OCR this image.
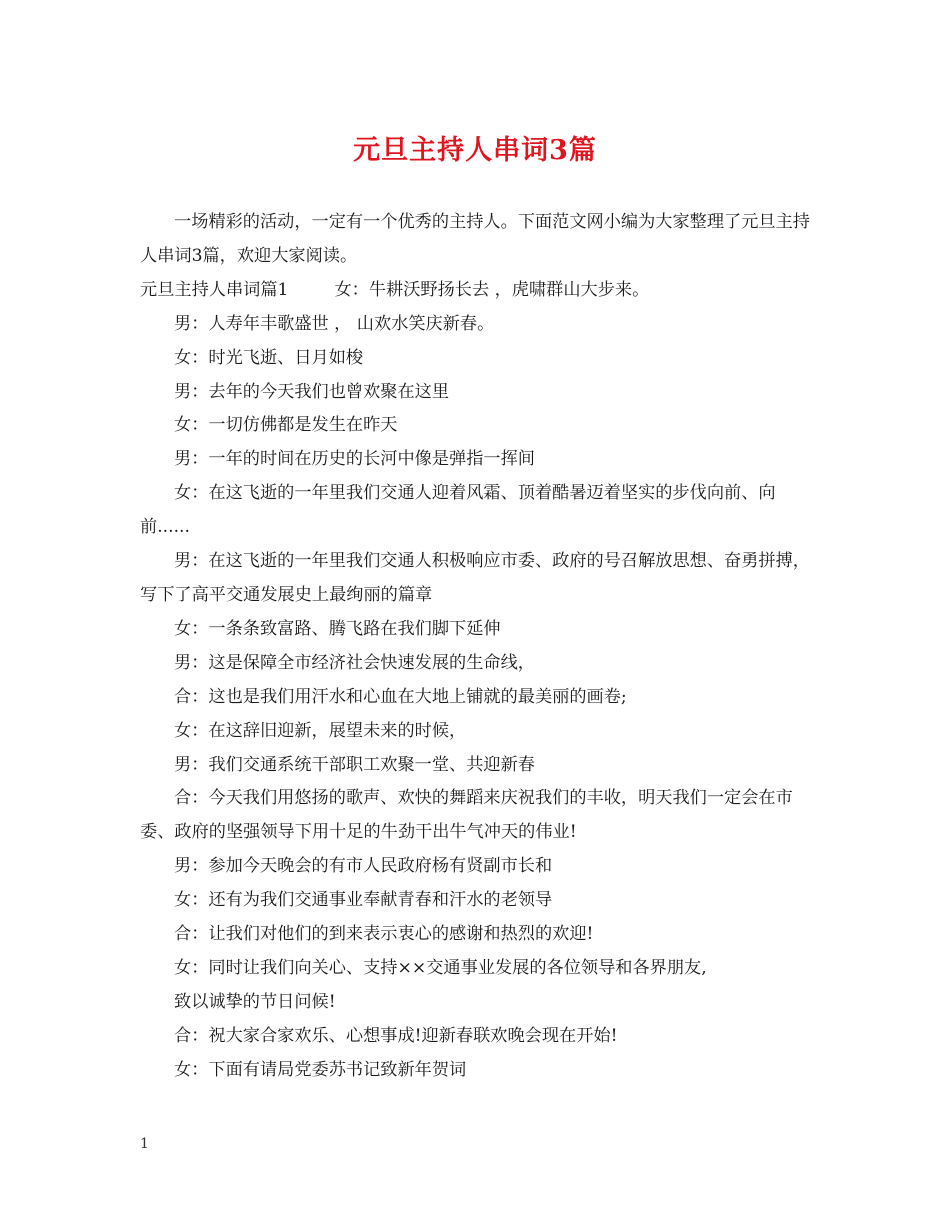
元旦主持人串词3篇

一场精彩的活动，一定有一个优秀的主持人。下面范文网小编为大家整理了元旦主持人串词3篇，欢迎大家阅读。

元旦主持人串词篇1	女：牛耕沃野扬长去 ，虎啸群山大步来。

男：人寿年丰歌盛世 ， 山欢水笑庆新春。

女：时光飞逝、日月如梭

男：去年的今天我们也曾欢聚在这里

女：一切仿佛都是发生在昨天

男：一年的时间在历史的长河中像是弹指一挥间

女：在这飞逝的一年里我们交通人迎着风霜、顶着酷暑迈着坚实的步伐向前、向前......

男：在这飞逝的一年里我们交通人积极响应市委、政府的号召解放思想、奋勇拼搏，写下了高平交通发展史上最绚丽的篇章

女：一条条致富路、腾飞路在我们脚下延伸

男：这是保障全市经济社会快速发展的生命线，

合：这也是我们用汗水和心血在大地上铺就的最美丽的画卷;

女：在这辞旧迎新，展望未来的时候，

男：我们交通系统干部职工欢聚一堂、共迎新春

合：今天我们用悠扬的歌声、欢快的舞蹈来庆祝我们的丰收，明天我们一定会在市委、政府的坚强领导下用十足的牛劲干出牛气冲天的伟业!

男：参加今天晚会的有市人民政府杨有贤副市长和

女：还有为我们交通事业奉献青春和汗水的老领导

合：让我们对他们的到来表示衷心的感谢和热烈的欢迎!

女：同时让我们向关心、支持××交通事业发展的各位领导和各界朋友,

致以诚挚的节日问候!

合：祝大家合家欢乐、心想事成!迎新春联欢晚会现在开始!

女：下面有请局党委苏书记致新年贺词

1
